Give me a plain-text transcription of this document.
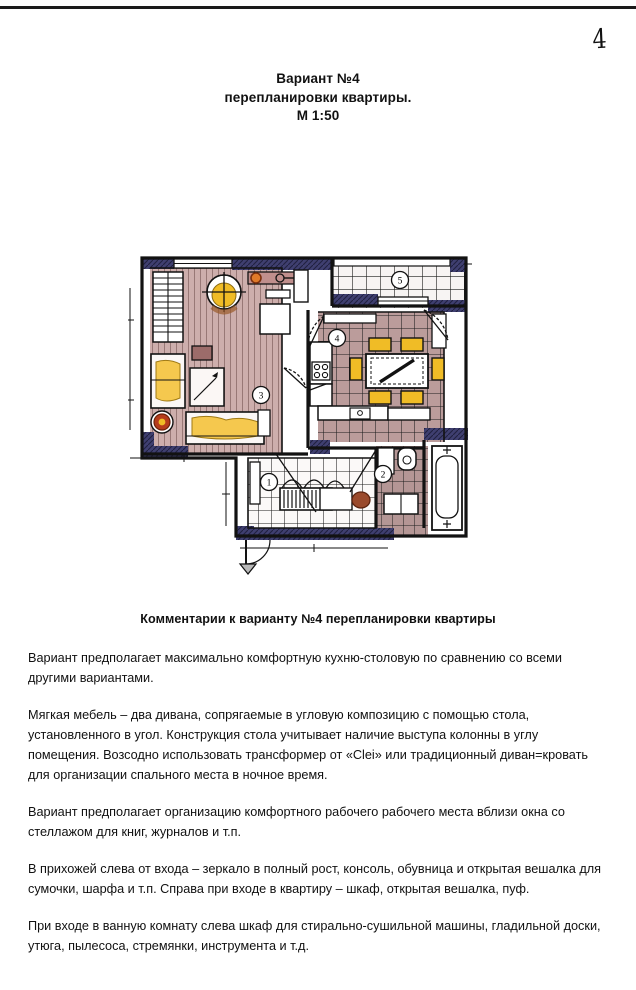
4
Вариант №4
перепланировки квартиры.
М 1:50
5
4
3
2
1
Комментарии к варианту №4 перепланировки квартиры

Вариант предполагает максимально комфортную кухню-столовую по сравнению со всеми другими вариантами.

Мягкая мебель – два дивана, сопрягаемые в угловую композицию с помощью стола, установленного в угол. Конструкция стола учитывает наличие выступа колонны в углу помещения. Возсодно использовать трансформер от «Clei» или традиционный диван=кровать для организации спального места в ночное время.

Вариант предполагает организацию комфортного рабочего рабочего места вблизи окна со стеллажом для книг, журналов и т.п.

В прихожей слева от входа – зеркало в полный рост, консоль, обувница и открытая вешалка для сумочки, шарфа и т.п. Справа при входе в квартиру – шкаф, открытая вешалка, пуф.

При входе в ванную комнату слева шкаф для стирально-сушильной машины, гладильной доски, утюга, пылесоса, стремянки, инструмента и т.д.
